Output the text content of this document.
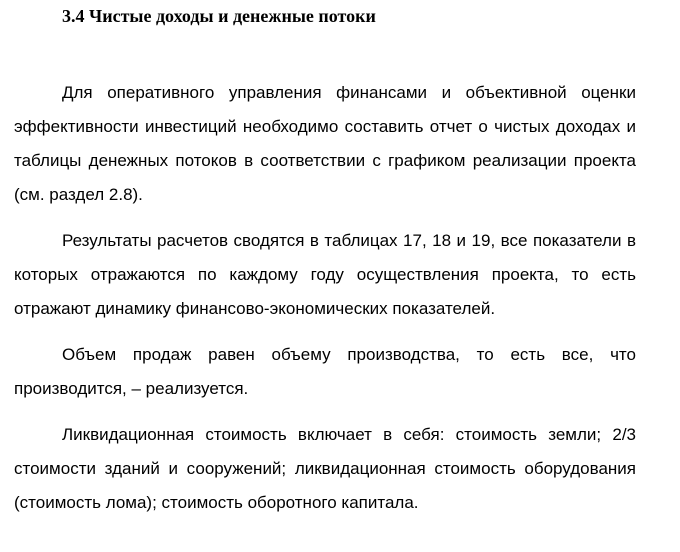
3.4 Чистые доходы и денежные потоки

Для оперативного управления финансами и объективной оценки эффективности инвестиций необходимо составить отчет о чистых доходах и таблицы денежных потоков в соответствии с графиком реализации проекта (см. раздел 2.8).

Результаты расчетов сводятся в таблицах 17, 18 и 19, все показатели в которых отражаются по каждому году осуществления проекта, то есть отражают динамику финансово-экономических показателей.

Объем продаж равен объему производства, то есть все, что производится, – реализуется.

Ликвидационная стоимость включает в себя: стоимость земли; 2/3 стоимости зданий и сооружений; ликвидационная стоимость оборудования (стоимость лома); стоимость оборотного капитала.
